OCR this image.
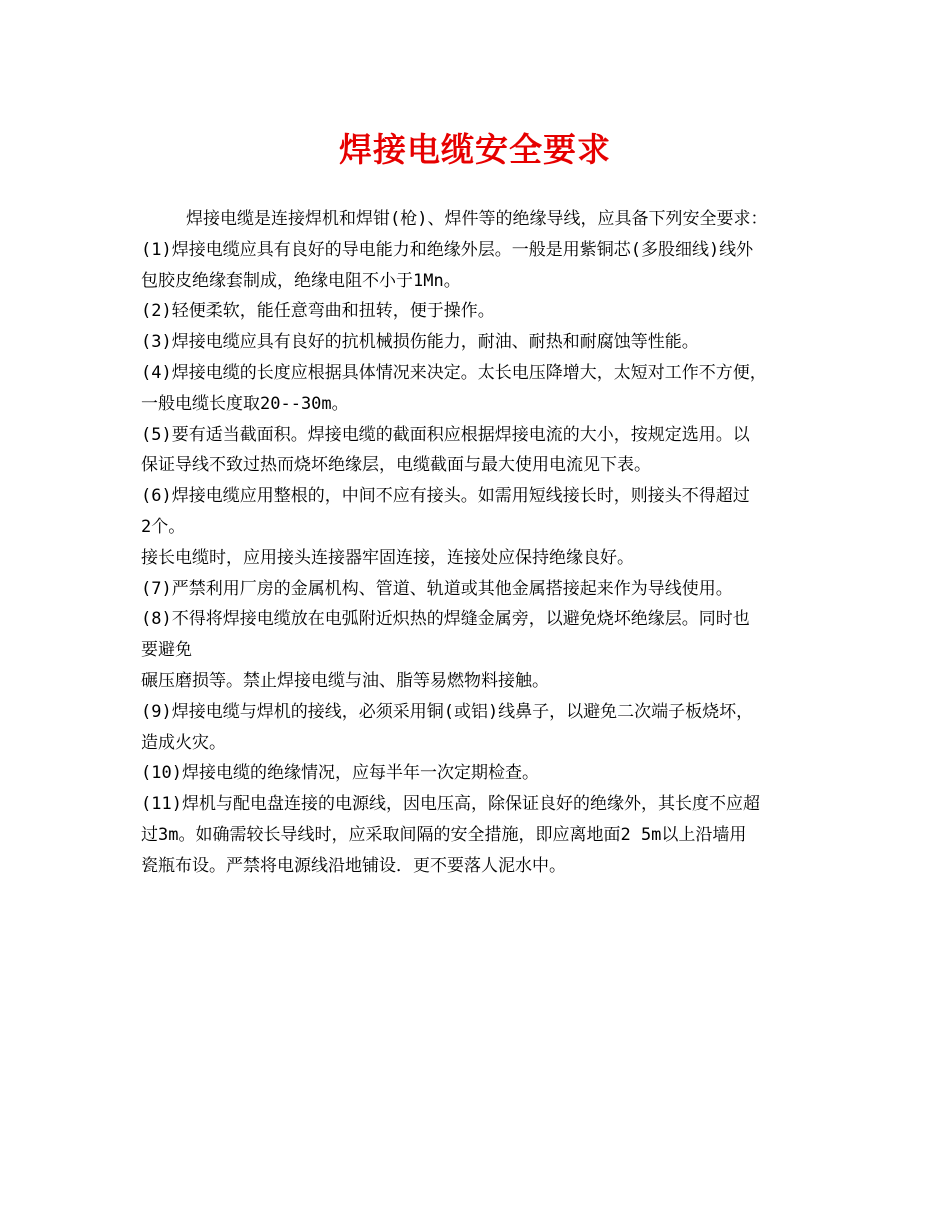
焊接电缆安全要求
焊接电缆是连接焊机和焊钳(枪)、焊件等的绝缘导线，应具备下列安全要求：
(1)焊接电缆应具有良好的导电能力和绝缘外层。一般是用紫铜芯(多股细线)线外
包胶皮绝缘套制成，绝缘电阻不小于1Mn。
(2)轻便柔软，能任意弯曲和扭转，便于操作。
(3)焊接电缆应具有良好的抗机械损伤能力，耐油、耐热和耐腐蚀等性能。
(4)焊接电缆的长度应根据具体情况来决定。太长电压降增大，太短对工作不方便，
一般电缆长度取20--30m。
(5)要有适当截面积。焊接电缆的截面积应根据焊接电流的大小，按规定选用。以
保证导线不致过热而烧坏绝缘层，电缆截面与最大使用电流见下表。
(6)焊接电缆应用整根的，中间不应有接头。如需用短线接长时，则接头不得超过
2个。
接长电缆时，应用接头连接器牢固连接，连接处应保持绝缘良好。
(7)严禁利用厂房的金属机构、管道、轨道或其他金属搭接起来作为导线使用。
(8)不得将焊接电缆放在电弧附近炽热的焊缝金属旁，以避免烧坏绝缘层。同时也
要避免
碾压磨损等。禁止焊接电缆与油、脂等易燃物料接触。
(9)焊接电缆与焊机的接线，必须采用铜(或铝)线鼻子，以避免二次端子板烧坏，
造成火灾。
(10)焊接电缆的绝缘情况，应每半年一次定期检查。
(11)焊机与配电盘连接的电源线，因电压高，除保证良好的绝缘外，其长度不应超
过3m。如确需较长导线时，应采取间隔的安全措施，即应离地面2 5m以上沿墙用
瓷瓶布设。严禁将电源线沿地铺设．更不要落人泥水中。
